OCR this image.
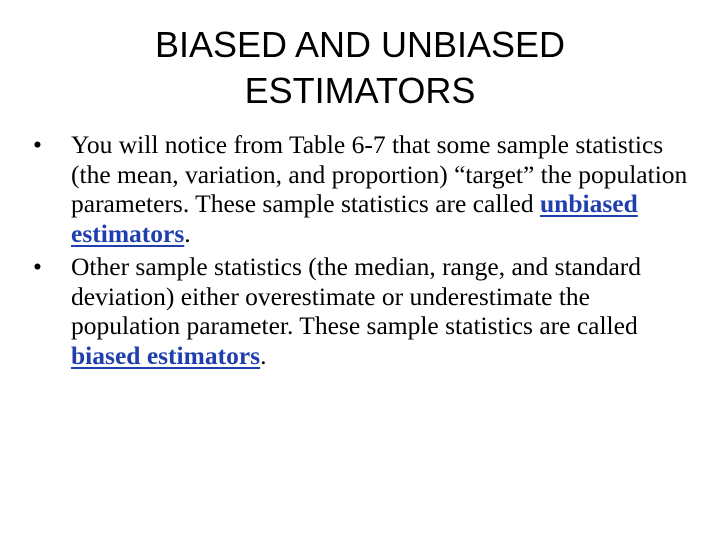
BIASED AND UNBIASED
ESTIMATORS
• You will notice from Table 6-7 that some sample statistics (the mean, variation, and proportion) “target” the population parameters. These sample statistics are called unbiased estimators.
• Other sample statistics (the median, range, and standard deviation) either overestimate or underestimate the population parameter. These sample statistics are called biased estimators.
